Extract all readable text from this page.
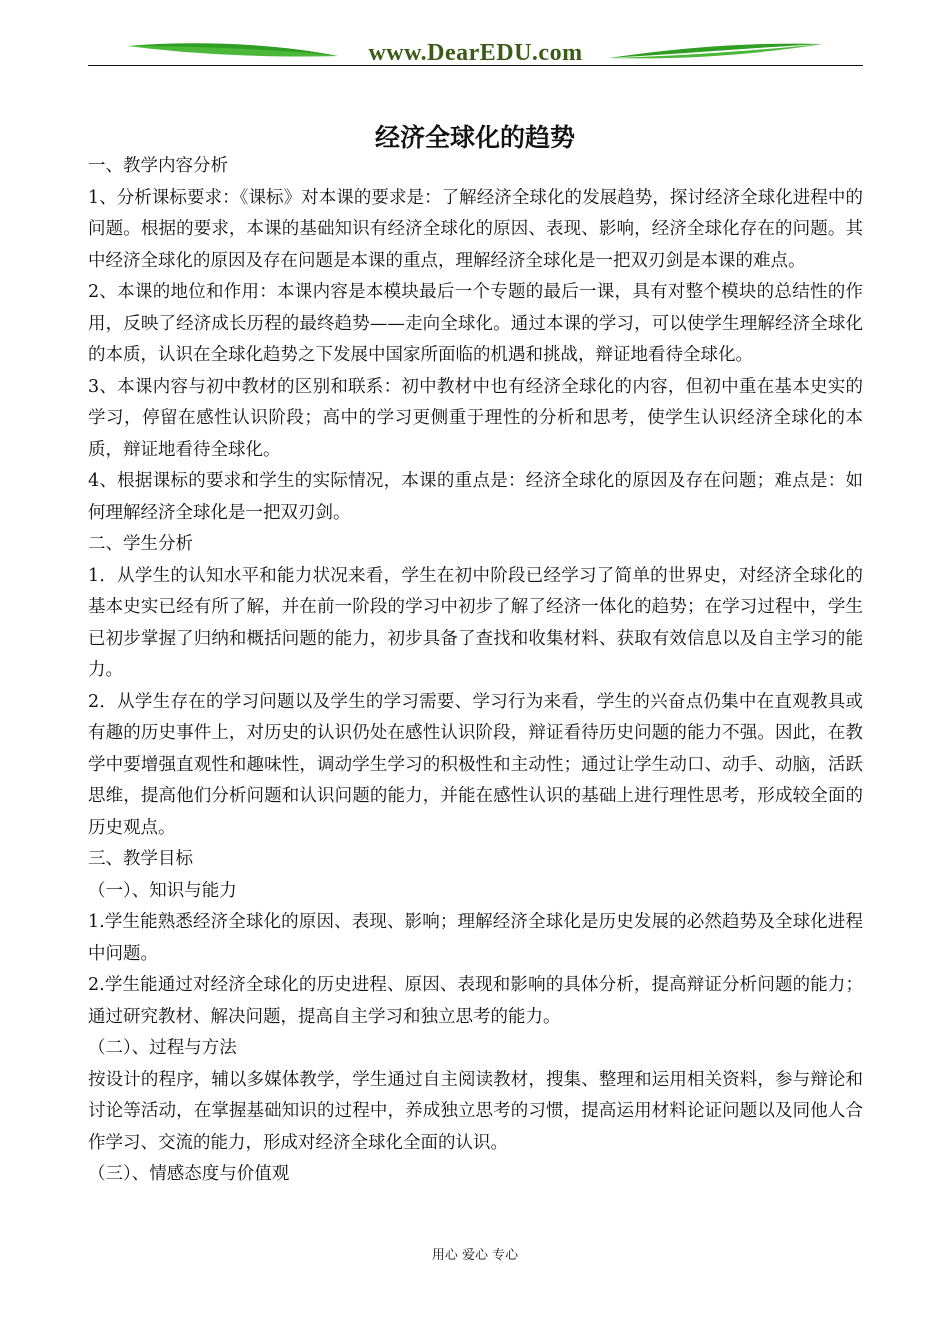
www.DearEDU.com
经济全球化的趋势

一、教学内容分析

1、分析课标要求：《课标》对本课的要求是：了解经济全球化的发展趋势，探讨经济全球化进程中的问题。根据的要求，本课的基础知识有经济全球化的原因、表现、影响，经济全球化存在的问题。其中经济全球化的原因及存在问题是本课的重点，理解经济全球化是一把双刃剑是本课的难点。

2、本课的地位和作用：本课内容是本模块最后一个专题的最后一课，具有对整个模块的总结性的作用，反映了经济成长历程的最终趋势——走向全球化。通过本课的学习，可以使学生理解经济全球化的本质，认识在全球化趋势之下发展中国家所面临的机遇和挑战，辩证地看待全球化。

3、本课内容与初中教材的区别和联系：初中教材中也有经济全球化的内容，但初中重在基本史实的学习，停留在感性认识阶段；高中的学习更侧重于理性的分析和思考，使学生认识经济全球化的本质，辩证地看待全球化。

4、根据课标的要求和学生的实际情况，本课的重点是：经济全球化的原因及存在问题；难点是：如何理解经济全球化是一把双刃剑。

二、学生分析

1．从学生的认知水平和能力状况来看，学生在初中阶段已经学习了简单的世界史，对经济全球化的基本史实已经有所了解，并在前一阶段的学习中初步了解了经济一体化的趋势；在学习过程中，学生已初步掌握了归纳和概括问题的能力，初步具备了查找和收集材料、获取有效信息以及自主学习的能力。

2．从学生存在的学习问题以及学生的学习需要、学习行为来看，学生的兴奋点仍集中在直观教具或有趣的历史事件上，对历史的认识仍处在感性认识阶段，辩证看待历史问题的能力不强。因此，在教学中要增强直观性和趣味性，调动学生学习的积极性和主动性；通过让学生动口、动手、动脑，活跃思维，提高他们分析问题和认识问题的能力，并能在感性认识的基础上进行理性思考，形成较全面的历史观点。

三、教学目标

（一）、知识与能力

1.学生能熟悉经济全球化的原因、表现、影响；理解经济全球化是历史发展的必然趋势及全球化进程中问题。

2.学生能通过对经济全球化的历史进程、原因、表现和影响的具体分析，提高辩证分析问题的能力；通过研究教材、解决问题，提高自主学习和独立思考的能力。

（二）、过程与方法

按设计的程序，辅以多媒体教学，学生通过自主阅读教材，搜集、整理和运用相关资料，参与辩论和讨论等活动，在掌握基础知识的过程中，养成独立思考的习惯，提高运用材料论证问题以及同他人合作学习、交流的能力，形成对经济全球化全面的认识。

（三）、情感态度与价值观

用心 爱心 专心
